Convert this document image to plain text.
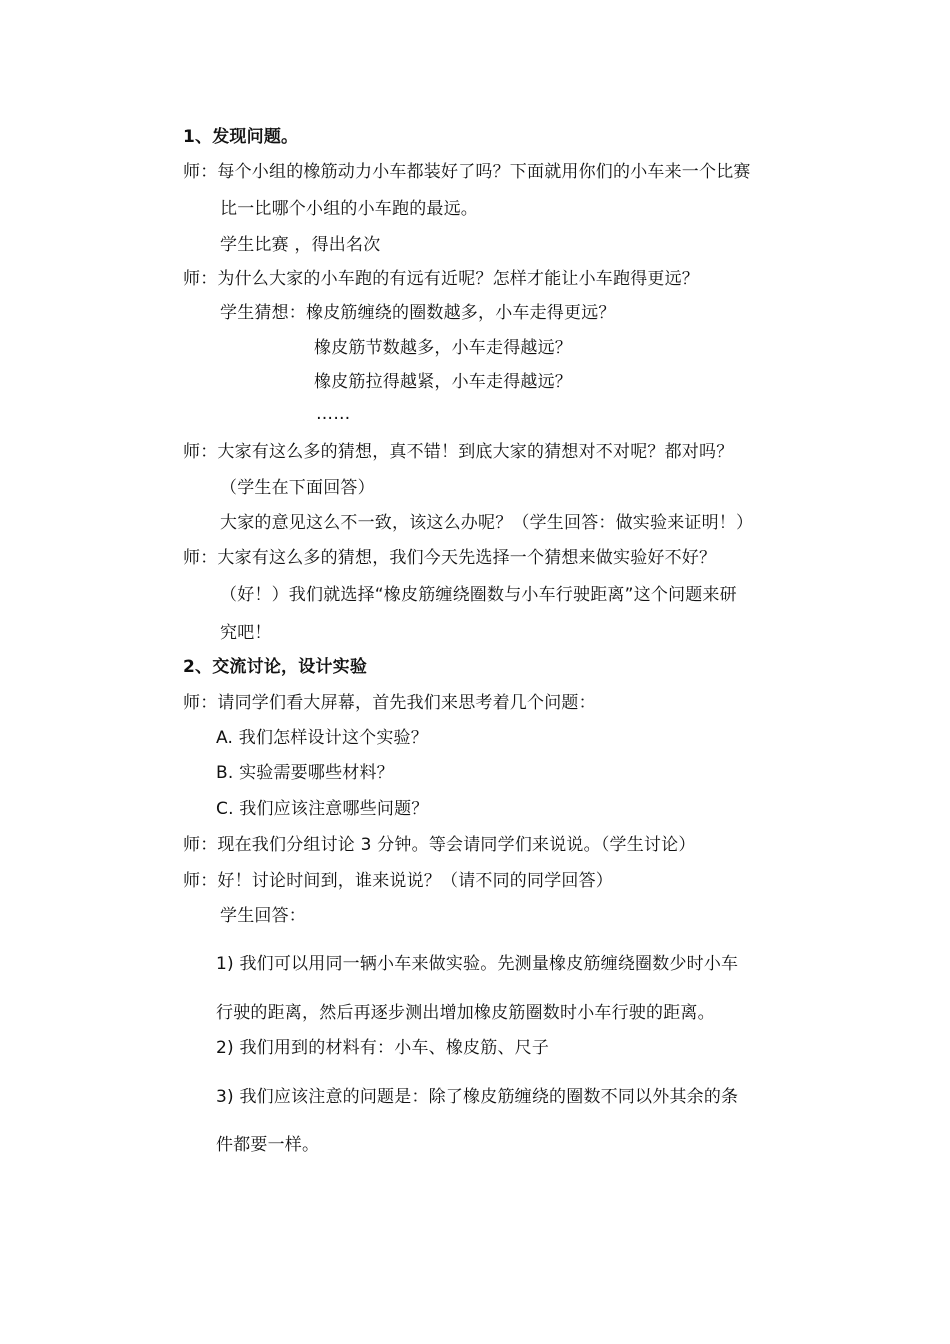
1、发现问题。
师：每个小组的橡筋动力小车都装好了吗？下面就用你们的小车来一个比赛
比一比哪个小组的小车跑的最远。
学生比赛 ，得出名次
师：为什么大家的小车跑的有远有近呢？怎样才能让小车跑得更远？
学生猜想：橡皮筋缠绕的圈数越多，小车走得更远？
橡皮筋节数越多，小车走得越远？
橡皮筋拉得越紧，小车走得越远？
……
师：大家有这么多的猜想，真不错！到底大家的猜想对不对呢？都对吗？
（学生在下面回答）
大家的意见这么不一致，该这么办呢？（学生回答：做实验来证明！）
师：大家有这么多的猜想，我们今天先选择一个猜想来做实验好不好？
（好！）我们就选择“橡皮筋缠绕圈数与小车行驶距离”这个问题来研
究吧！
2、交流讨论，设计实验
师：请同学们看大屏幕，首先我们来思考着几个问题：
A. 我们怎样设计这个实验？
B. 实验需要哪些材料？
C. 我们应该注意哪些问题？
师：现在我们分组讨论 3 分钟。等会请同学们来说说。（学生讨论）
师：好！讨论时间到，谁来说说？（请不同的同学回答）
学生回答：
1) 我们可以用同一辆小车来做实验。先测量橡皮筋缠绕圈数少时小车
行驶的距离，然后再逐步测出增加橡皮筋圈数时小车行驶的距离。
2) 我们用到的材料有：小车、橡皮筋、尺子
3) 我们应该注意的问题是：除了橡皮筋缠绕的圈数不同以外其余的条
件都要一样。
